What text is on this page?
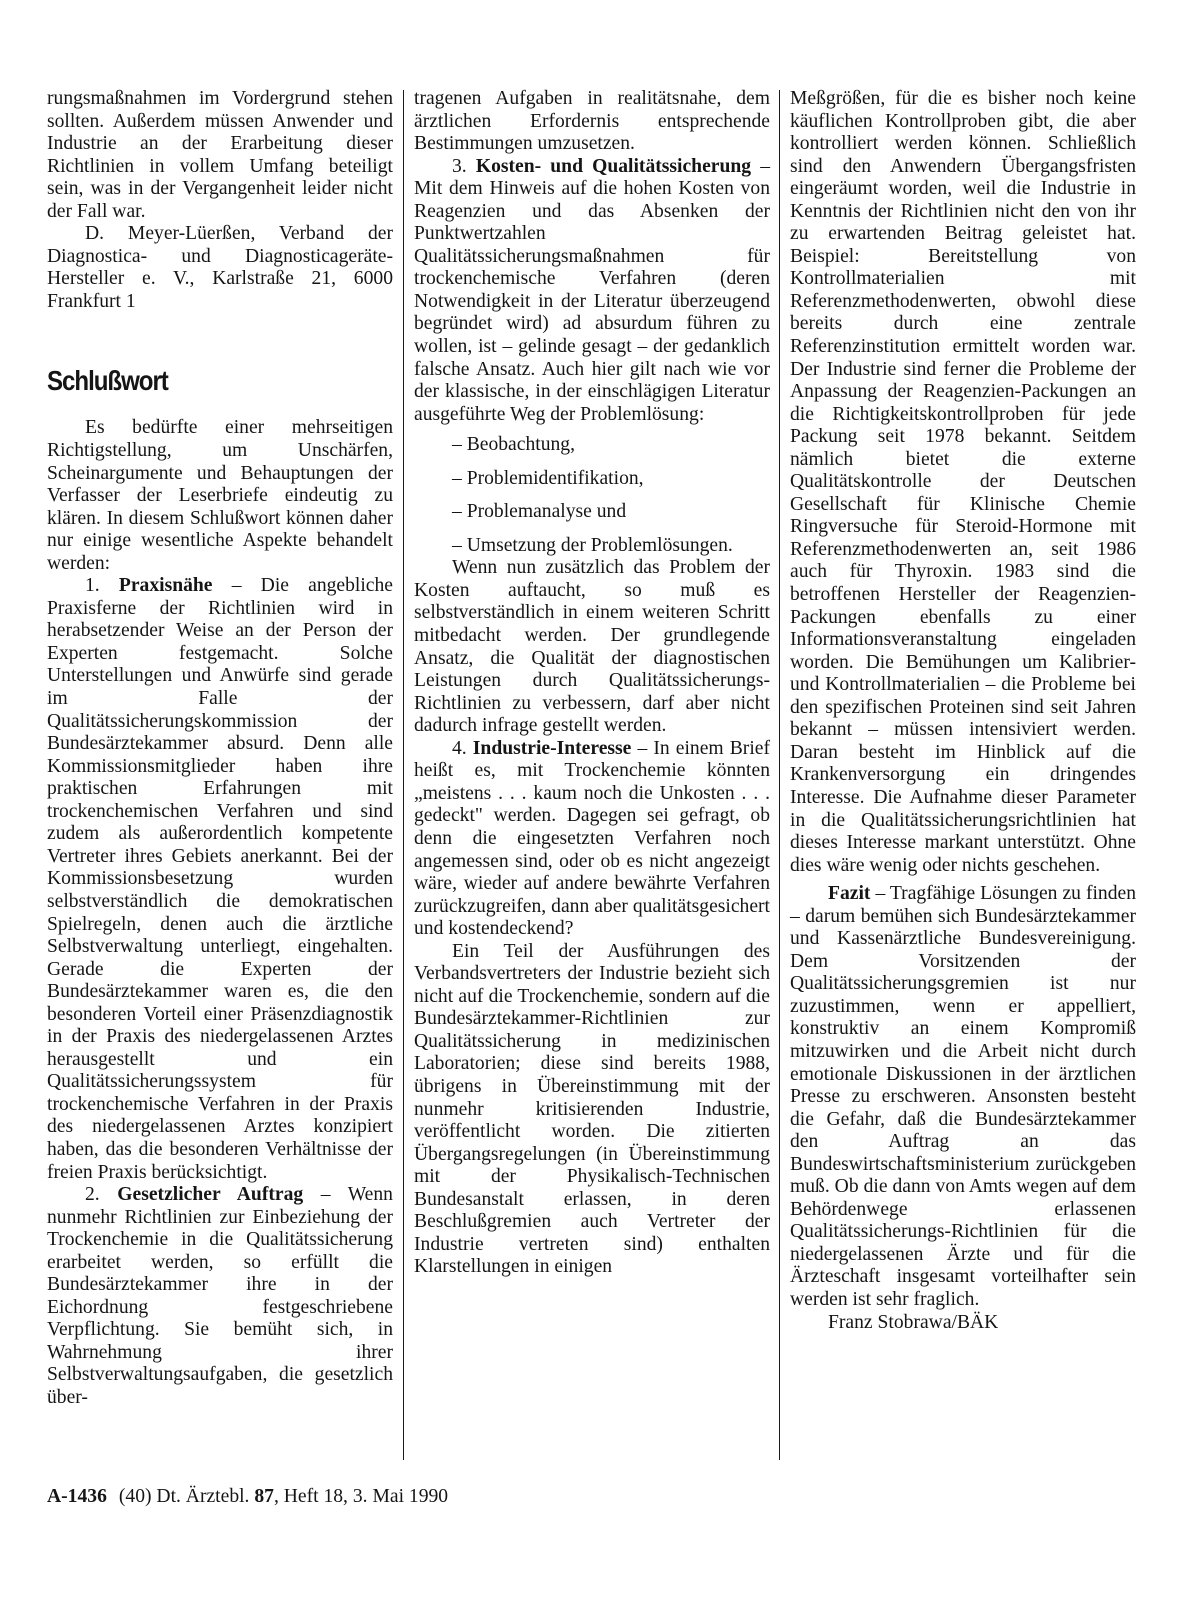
rungsmaßnahmen im Vordergrund stehen sollten. Außerdem müssen Anwender und Industrie an der Erarbeitung dieser Richtlinien in vollem Umfang beteiligt sein, was in der Vergangenheit leider nicht der Fall war.

D. Meyer-Lüerßen, Verband der Diagnostica- und Diagnosticageräte-Hersteller e. V., Karlstraße 21, 6000 Frankfurt 1

Schlußwort

Es bedürfte einer mehrseitigen Richtigstellung, um Unschärfen, Scheinargumente und Behauptungen der Verfasser der Leserbriefe eindeutig zu klären. In diesem Schlußwort können daher nur einige wesentliche Aspekte behandelt werden:

1. Praxisnähe – Die angebliche Praxisferne der Richtlinien wird in herabsetzender Weise an der Person der Experten festgemacht. Solche Unterstellungen und Anwürfe sind gerade im Falle der Qualitätssicherungskommission der Bundesärztekammer absurd. Denn alle Kommissionsmitglieder haben ihre praktischen Erfahrungen mit trockenchemischen Verfahren und sind zudem als außerordentlich kompetente Vertreter ihres Gebiets anerkannt. Bei der Kommissionsbesetzung wurden selbstverständlich die demokratischen Spielregeln, denen auch die ärztliche Selbstverwaltung unterliegt, eingehalten. Gerade die Experten der Bundesärztekammer waren es, die den besonderen Vorteil einer Präsenzdiagnostik in der Praxis des niedergelassenen Arztes herausgestellt und ein Qualitätssicherungssystem für trockenchemische Verfahren in der Praxis des niedergelassenen Arztes konzipiert haben, das die besonderen Verhältnisse der freien Praxis berücksichtigt.

2. Gesetzlicher Auftrag – Wenn nunmehr Richtlinien zur Einbeziehung der Trockenchemie in die Qualitätssicherung erarbeitet werden, so erfüllt die Bundesärztekammer ihre in der Eichordnung festgeschriebene Verpflichtung. Sie bemüht sich, in Wahrnehmung ihrer Selbstverwaltungsaufgaben, die gesetzlich über-

tragenen Aufgaben in realitätsnahe, dem ärztlichen Erfordernis entsprechende Bestimmungen umzusetzen.

3. Kosten- und Qualitätssicherung – Mit dem Hinweis auf die hohen Kosten von Reagenzien und das Absenken der Punktwertzahlen Qualitätssicherungsmaßnahmen für trockenchemische Verfahren (deren Notwendigkeit in der Literatur überzeugend begründet wird) ad absurdum führen zu wollen, ist – gelinde gesagt – der gedanklich falsche Ansatz. Auch hier gilt nach wie vor der klassische, in der einschlägigen Literatur ausgeführte Weg der Problemlösung:

– Beobachtung,
– Problemidentifikation,
– Problemanalyse und
– Umsetzung der Problemlösungen.

Wenn nun zusätzlich das Problem der Kosten auftaucht, so muß es selbstverständlich in einem weiteren Schritt mitbedacht werden. Der grundlegende Ansatz, die Qualität der diagnostischen Leistungen durch Qualitätssicherungs-Richtlinien zu verbessern, darf aber nicht dadurch infrage gestellt werden.

4. Industrie-Interesse – In einem Brief heißt es, mit Trockenchemie könnten „meistens . . . kaum noch die Unkosten . . . gedeckt" werden. Dagegen sei gefragt, ob denn die eingesetzten Verfahren noch angemessen sind, oder ob es nicht angezeigt wäre, wieder auf andere bewährte Verfahren zurückzugreifen, dann aber qualitätsgesichert und kostendeckend?

Ein Teil der Ausführungen des Verbandsvertreters der Industrie bezieht sich nicht auf die Trockenchemie, sondern auf die Bundesärztekammer-Richtlinien zur Qualitätssicherung in medizinischen Laboratorien; diese sind bereits 1988, übrigens in Übereinstimmung mit der nunmehr kritisierenden Industrie, veröffentlicht worden. Die zitierten Übergangsregelungen (in Übereinstimmung mit der Physikalisch-Technischen Bundesanstalt erlassen, in deren Beschlußgremien auch Vertreter der Industrie vertreten sind) enthalten Klarstellungen in einigen

Meßgrößen, für die es bisher noch keine käuflichen Kontrollproben gibt, die aber kontrolliert werden können. Schließlich sind den Anwendern Übergangsfristen eingeräumt worden, weil die Industrie in Kenntnis der Richtlinien nicht den von ihr zu erwartenden Beitrag geleistet hat. Beispiel: Bereitstellung von Kontrollmaterialien mit Referenzmethodenwerten, obwohl diese bereits durch eine zentrale Referenzinstitution ermittelt worden war. Der Industrie sind ferner die Probleme der Anpassung der Reagenzien-Packungen an die Richtigkeitskontrollproben für jede Packung seit 1978 bekannt. Seitdem nämlich bietet die externe Qualitätskontrolle der Deutschen Gesellschaft für Klinische Chemie Ringversuche für Steroid-Hormone mit Referenzmethodenwerten an, seit 1986 auch für Thyroxin. 1983 sind die betroffenen Hersteller der Reagenzien-Packungen ebenfalls zu einer Informationsveranstaltung eingeladen worden. Die Bemühungen um Kalibrier- und Kontrollmaterialien – die Probleme bei den spezifischen Proteinen sind seit Jahren bekannt – müssen intensiviert werden. Daran besteht im Hinblick auf die Krankenversorgung ein dringendes Interesse. Die Aufnahme dieser Parameter in die Qualitätssicherungsrichtlinien hat dieses Interesse markant unterstützt. Ohne dies wäre wenig oder nichts geschehen.

Fazit – Tragfähige Lösungen zu finden – darum bemühen sich Bundesärztekammer und Kassenärztliche Bundesvereinigung. Dem Vorsitzenden der Qualitätssicherungsgremien ist nur zuzustimmen, wenn er appelliert, konstruktiv an einem Kompromiß mitzuwirken und die Arbeit nicht durch emotionale Diskussionen in der ärztlichen Presse zu erschweren. Ansonsten besteht die Gefahr, daß die Bundesärztekammer den Auftrag an das Bundeswirtschaftsministerium zurückgeben muß. Ob die dann von Amts wegen auf dem Behördenwege erlassenen Qualitätssicherungs-Richtlinien für die niedergelassenen Ärzte und für die Ärzteschaft insgesamt vorteilhafter sein werden ist sehr fraglich.

Franz Stobrawa/BÄK

A-1436 (40) Dt. Ärztebl. 87, Heft 18, 3. Mai 1990
